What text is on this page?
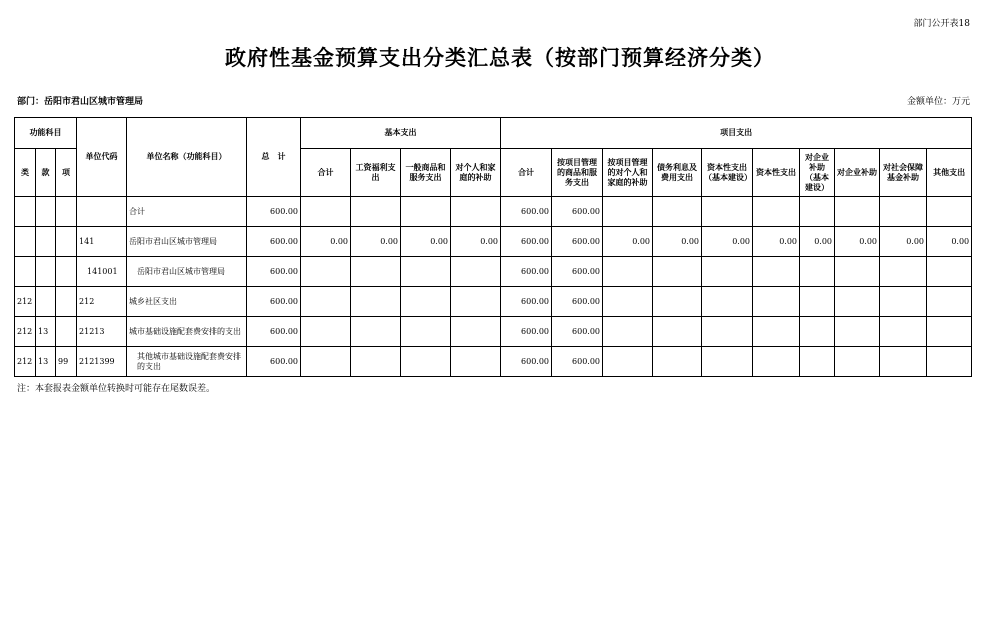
部门公开表18
政府性基金预算支出分类汇总表（按部门预算经济分类）
部门：岳阳市君山区城市管理局	金额单位：万元
功能科目			单位代码	单位名称（功能科目）	总　计	基本支出				项目支出									
类	款	项				合计	工资福利支出	一般商品和服务支出	对个人和家庭的补助	合计	按项目管理的商品和服务支出	按项目管理的对个人和家庭的补助	债务利息及费用支出	资本性支出（基本建设）	资本性支出	对企业补助（基本建设）	对企业补助	对社会保障基金补助	其他支出
				合计	600.00					600.00	600.00								
			141	岳阳市君山区城市管理局	600.00	0.00	0.00	0.00	0.00	600.00	600.00	0.00	0.00	0.00	0.00	0.00	0.00	0.00	0.00
			141001	岳阳市君山区城市管理局	600.00					600.00	600.00								
212			212	城乡社区支出	600.00					600.00	600.00								
212	13		21213	城市基础设施配套费安排的支出	600.00					600.00	600.00								
212	13	99	2121399	其他城市基础设施配套费安排的支出	600.00					600.00	600.00								
注：本套报表金额单位转换时可能存在尾数误差。
